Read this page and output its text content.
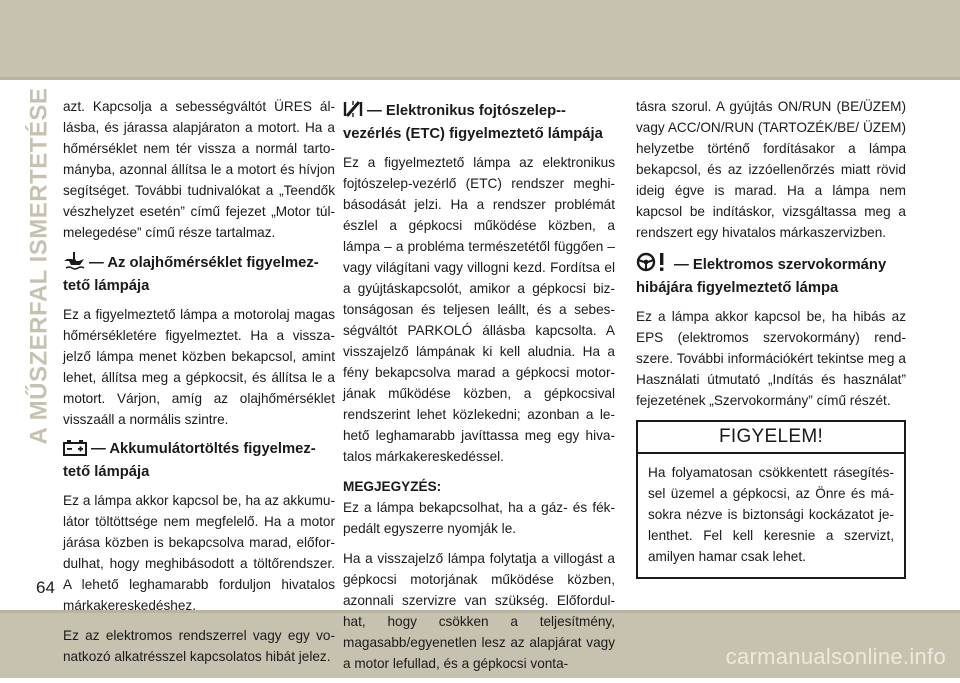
A MŰSZERFAL ISMERTETÉSE azt. Kapcsolja a sebességváltót ÜRES ál-lásba, és járassa alapjáraton a motort. Ha a hőmérséklet nem tér vissza a normál tarto-mányba, azonnal állítsa le a motort és hívjon segítséget. További tudnivalókat a „Teendők vészhelyzet esetén” című fejezet „Motor túl-melegedése” című része tartalmaz.

— Az olajhőmérséklet figyelmez-tető lámpája

Ez a figyelmeztető lámpa a motorolaj magas hőmérsékletére figyelmeztet. Ha a vissza-jelző lámpa menet közben bekapcsol, amint lehet, állítsa meg a gépkocsit, és állítsa le a motort. Várjon, amíg az olajhőmérséklet visszaáll a normális szintre.

— Akkumulátortöltés figyelmez-tető lámpája

Ez a lámpa akkor kapcsol be, ha az akkumu-látor töltöttsége nem megfelelő. Ha a motor járása közben is bekapcsolva marad, előfor-dulhat, hogy meghibásodott a töltőrendszer. A lehető leghamarabb forduljon hivatalos márkakereskedéshez.

Ez az elektromos rendszerrel vagy egy vo-natkozó alkatrésszel kapcsolatos hibát jelez.

— Elektronikus fojtószelep--vezérlés (ETC) figyelmeztető lámpája

Ez a figyelmeztető lámpa az elektronikus fojtószelep-vezérlő (ETC) rendszer meghi-básodását jelzi. Ha a rendszer problémát észlel a gépkocsi működése közben, a lámpa – a probléma természetétől függően – vagy világítani vagy villogni kezd. Fordítsa el a gyújtáskapcsolót, amikor a gépkocsi biz-tonságosan és teljesen leállt, és a sebes-ségváltót PARKOLÓ állásba kapcsolta. A visszajelző lámpának ki kell aludnia. Ha a fény bekapcsolva marad a gépkocsi motor-jának működése közben, a gépkocsival rendszerint lehet közlekedni; azonban a le-hető leghamarabb javíttassa meg egy hiva-talos márkakereskedéssel.

MEGJEGYZÉS:
Ez a lámpa bekapcsolhat, ha a gáz- és fék-pedált egyszerre nyomják le.

Ha a visszajelző lámpa folytatja a villogást a gépkocsi motorjának működése közben, azonnali szervizre van szükség. Előfordul-hat, hogy csökken a teljesítmény, magasabb/egyenetlen lesz az alapjárat vagy a motor lefullad, és a gépkocsi vonta-

tásra szorul. A gyújtás ON/RUN (BE/ÜZEM) vagy ACC/ON/RUN (TARTOZÉK/BE/ ÜZEM) helyzetbe történő fordításakor a lámpa bekapcsol, és az izzóellenőrzés miatt rövid ideig égve is marad. Ha a lámpa nem kapcsol be indításkor, vizsgáltassa meg a rendszert egy hivatalos márkaszervizben.

— Elektromos szervokormány hibájára figyelmeztető lámpa

Ez a lámpa akkor kapcsol be, ha hibás az EPS (elektromos szervokormány) rend-szere. További információkért tekintse meg a Használati útmutató „Indítás és használat” fejezetének „Szervokormány” című részét.

FIGYELEM!
Ha folyamatosan csökkentett rásegítés-sel üzemel a gépkocsi, az Önre és má-sokra nézve is biztonsági kockázatot je-lenthet. Fel kell keresnie a szervizt, amilyen hamar csak lehet.
64
carmanualsonline.info
